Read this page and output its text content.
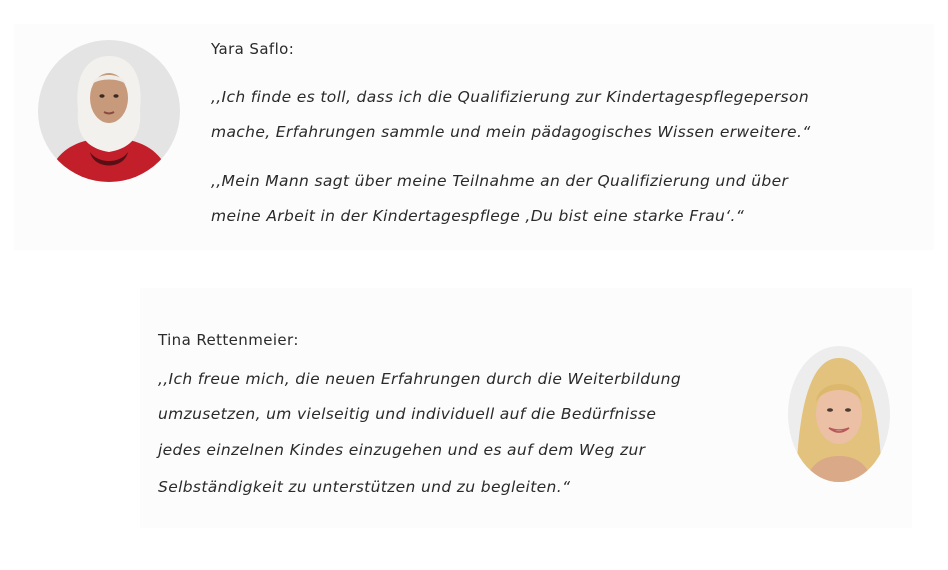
Yara Saflo:
,,Ich finde es toll, dass ich die Qualifizierung zur Kindertagespflegeperson
mache, Erfahrungen sammle und mein pädagogisches Wissen erweitere.“
,,Mein Mann sagt über meine Teilnahme an der Qualifizierung und über
meine Arbeit in der Kindertagespflege ‚Du bist eine starke Frau‘.“
Tina Rettenmeier:
,,Ich freue mich, die neuen Erfahrungen durch die Weiterbildung
umzusetzen, um vielseitig und individuell auf die Bedürfnisse
jedes einzelnen Kindes einzugehen und es auf dem Weg zur
Selbständigkeit zu unterstützen und zu begleiten.“
